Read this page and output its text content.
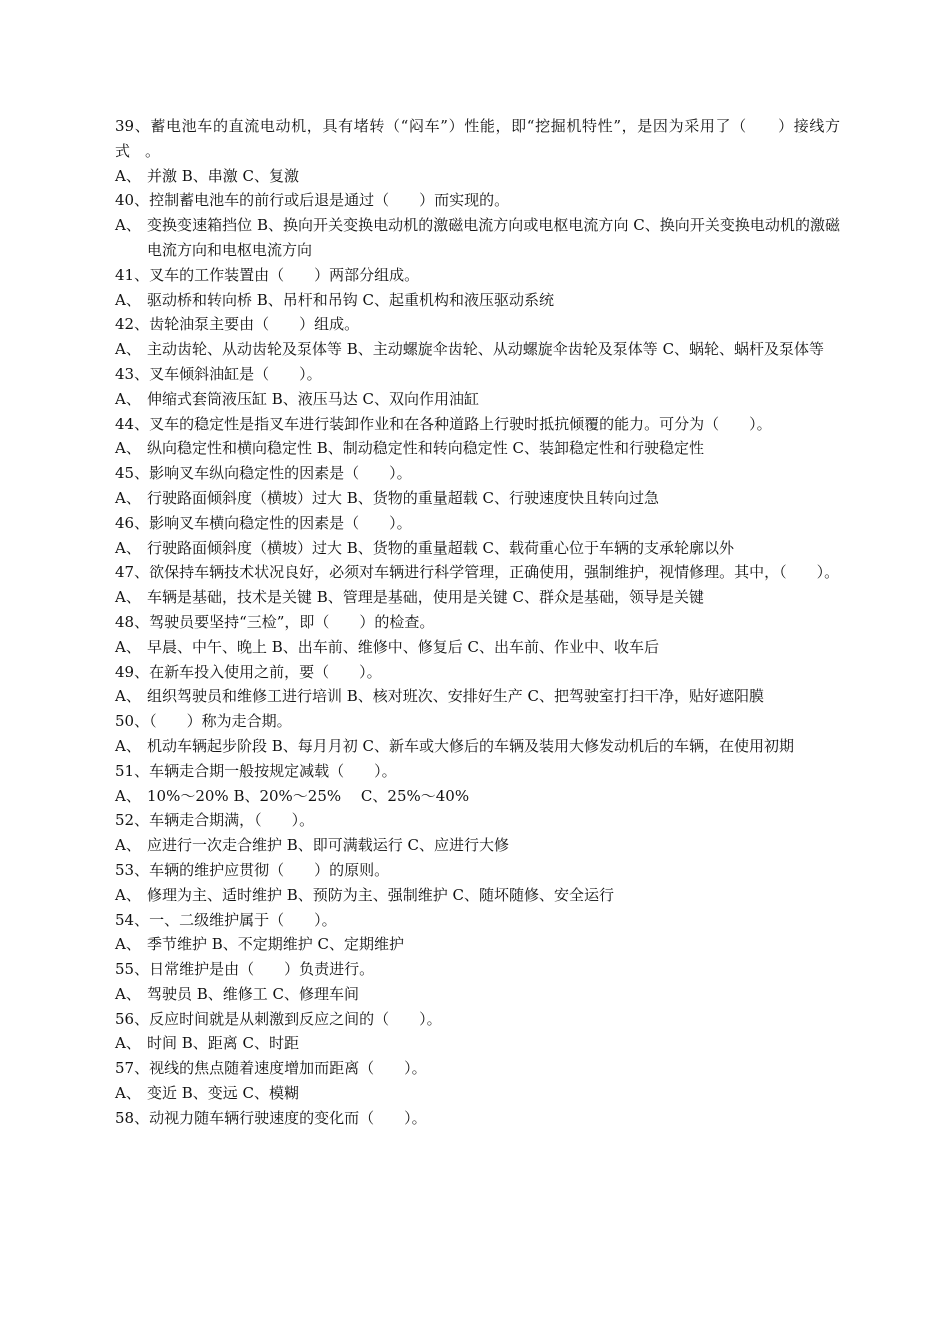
39、蓄电池车的直流电动机，具有堵转（“闷车”）性能，即“挖掘机特性”，是因为采用了（　　）接线方式　。

A、 并激 B、串激 C、复激

40、控制蓄电池车的前行或后退是通过（　　）而实现的。

A、 变换变速箱挡位 B、换向开关变换电动机的激磁电流方向或电枢电流方向 C、换向开关变换电动机的激磁电流方向和电枢电流方向

41、叉车的工作装置由（　　）两部分组成。

A、 驱动桥和转向桥 B、吊杆和吊钩 C、起重机构和液压驱动系统

42、齿轮油泵主要由（　　）组成。

A、 主动齿轮、从动齿轮及泵体等 B、主动螺旋伞齿轮、从动螺旋伞齿轮及泵体等 C、蜗轮、蜗杆及泵体等

43、叉车倾斜油缸是（　　）。

A、 伸缩式套筒液压缸 B、液压马达 C、双向作用油缸

44、叉车的稳定性是指叉车进行装卸作业和在各种道路上行驶时抵抗倾覆的能力。可分为（　　）。

A、 纵向稳定性和横向稳定性 B、制动稳定性和转向稳定性 C、装卸稳定性和行驶稳定性

45、影响叉车纵向稳定性的因素是（　　）。

A、 行驶路面倾斜度（横坡）过大 B、货物的重量超载 C、行驶速度快且转向过急

46、影响叉车横向稳定性的因素是（　　）。

A、 行驶路面倾斜度（横坡）过大 B、货物的重量超载 C、载荷重心位于车辆的支承轮廓以外

47、欲保持车辆技术状况良好，必须对车辆进行科学管理，正确使用，强制维护，视情修理。其中，（　　）。

A、 车辆是基础，技术是关键 B、管理是基础，使用是关键 C、群众是基础，领导是关键

48、驾驶员要坚持“三检”，即（　　）的检查。

A、 早晨、中午、晚上 B、出车前、维修中、修复后 C、出车前、作业中、收车后

49、在新车投入使用之前，要（　　）。

A、 组织驾驶员和维修工进行培训 B、核对班次、安排好生产 C、把驾驶室打扫干净，贴好遮阳膜

50、（　　）称为走合期。

A、 机动车辆起步阶段 B、每月月初 C、新车或大修后的车辆及装用大修发动机后的车辆，在使用初期

51、车辆走合期一般按规定减载（　　）。

A、 10%～20% B、20%～25%　 C、25%～40%

52、车辆走合期满，（　　）。

A、 应进行一次走合维护 B、即可满载运行 C、应进行大修

53、车辆的维护应贯彻（　　）的原则。

A、 修理为主、适时维护 B、预防为主、强制维护 C、随坏随修、安全运行

54、一、二级维护属于（　　）。

A、 季节维护 B、不定期维护 C、定期维护

55、日常维护是由（　　）负责进行。

A、 驾驶员 B、维修工 C、修理车间

56、反应时间就是从刺激到反应之间的（　　）。

A、 时间 B、距离 C、时距

57、视线的焦点随着速度增加而距离（　　）。

A、 变近 B、变远 C、模糊

58、动视力随车辆行驶速度的变化而（　　）。
